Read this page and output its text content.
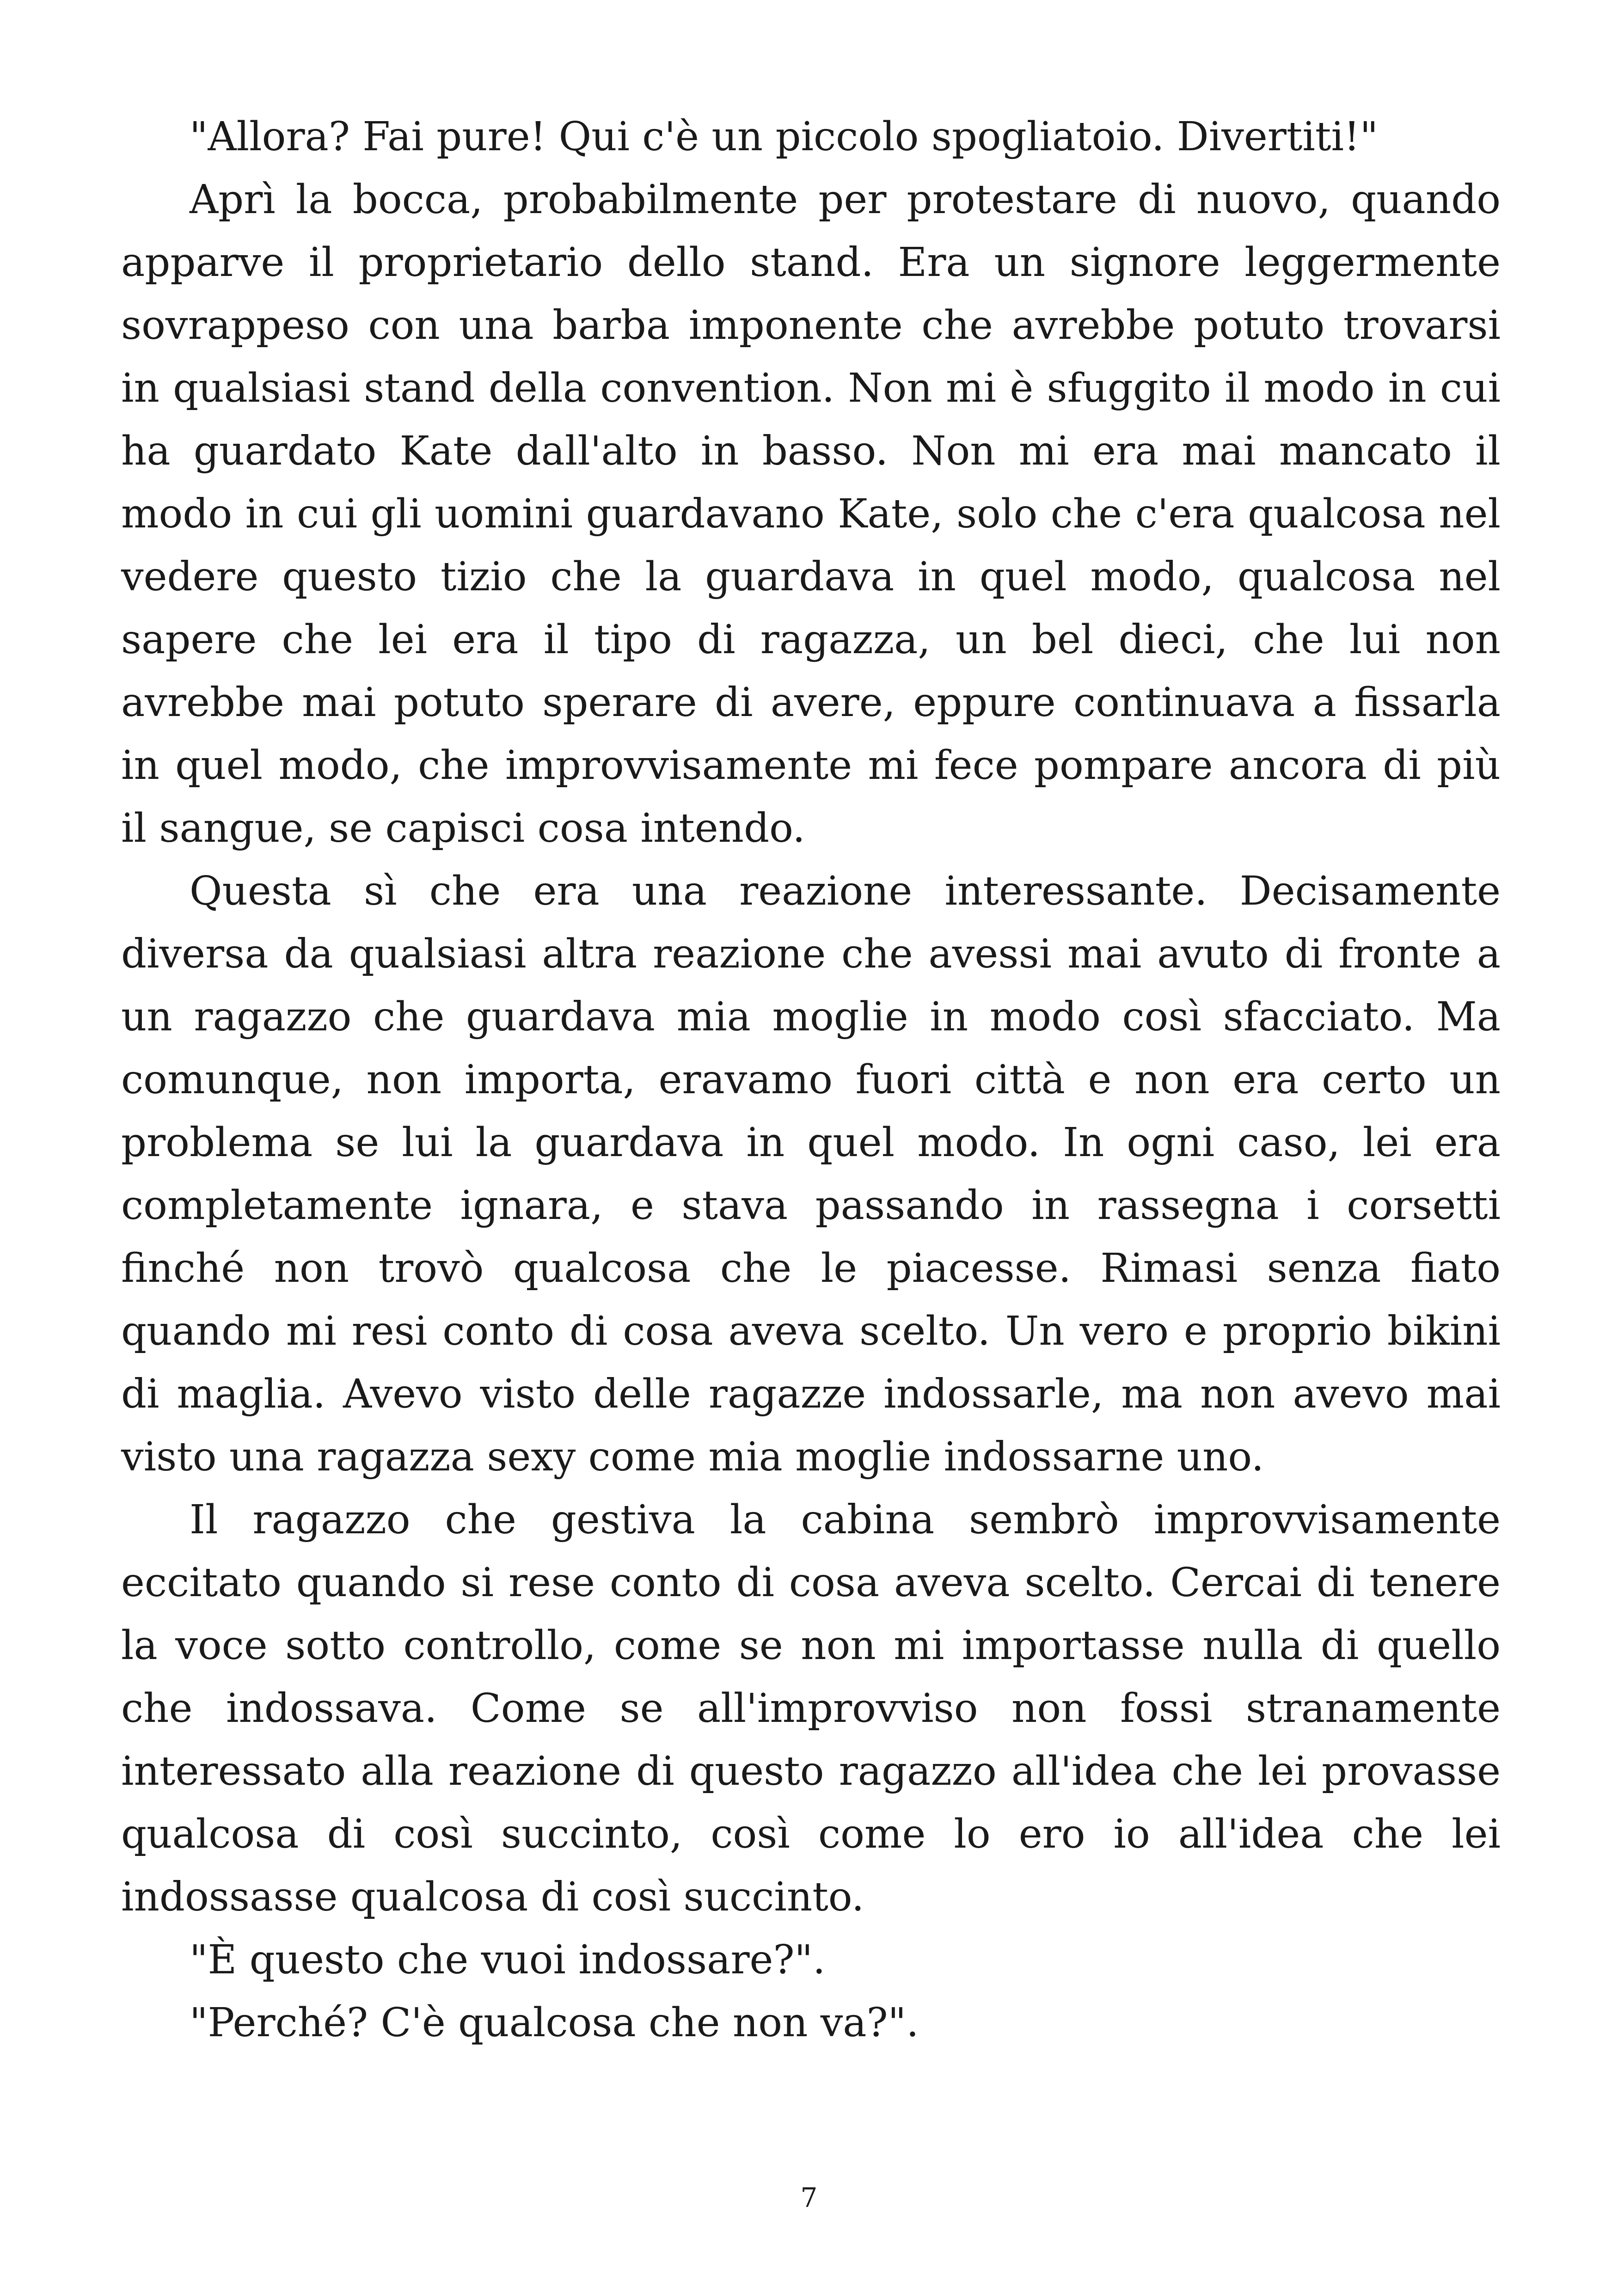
"Allora? Fai pure! Qui c'è un piccolo spogliatoio. Divertiti!"

Aprì la bocca, probabilmente per protestare di nuovo, quando apparve il proprietario dello stand. Era un signore leggermente sovrappeso con una barba imponente che avrebbe potuto trovarsi in qualsiasi stand della convention. Non mi è sfuggito il modo in cui ha guardato Kate dall'alto in basso. Non mi era mai mancato il modo in cui gli uomini guardavano Kate, solo che c'era qualcosa nel vedere questo tizio che la guardava in quel modo, qualcosa nel sapere che lei era il tipo di ragazza, un bel dieci, che lui non avrebbe mai potuto sperare di avere, eppure continuava a fissarla in quel modo, che improvvisamente mi fece pompare ancora di più il sangue, se capisci cosa intendo.

Questa sì che era una reazione interessante. Decisamente diversa da qualsiasi altra reazione che avessi mai avuto di fronte a un ragazzo che guardava mia moglie in modo così sfacciato. Ma comunque, non importa, eravamo fuori città e non era certo un problema se lui la guardava in quel modo. In ogni caso, lei era completamente ignara, e stava passando in rassegna i corsetti finché non trovò qualcosa che le piacesse. Rimasi senza fiato quando mi resi conto di cosa aveva scelto. Un vero e proprio bikini di maglia. Avevo visto delle ragazze indossarle, ma non avevo mai visto una ragazza sexy come mia moglie indossarne uno.

Il ragazzo che gestiva la cabina sembrò improvvisamente eccitato quando si rese conto di cosa aveva scelto. Cercai di tenere la voce sotto controllo, come se non mi importasse nulla di quello che indossava. Come se all'improvviso non fossi stranamente interessato alla reazione di questo ragazzo all'idea che lei provasse qualcosa di così succinto, così come lo ero io all'idea che lei indossasse qualcosa di così succinto.

"È questo che vuoi indossare?".

"Perché? C'è qualcosa che non va?".

7
